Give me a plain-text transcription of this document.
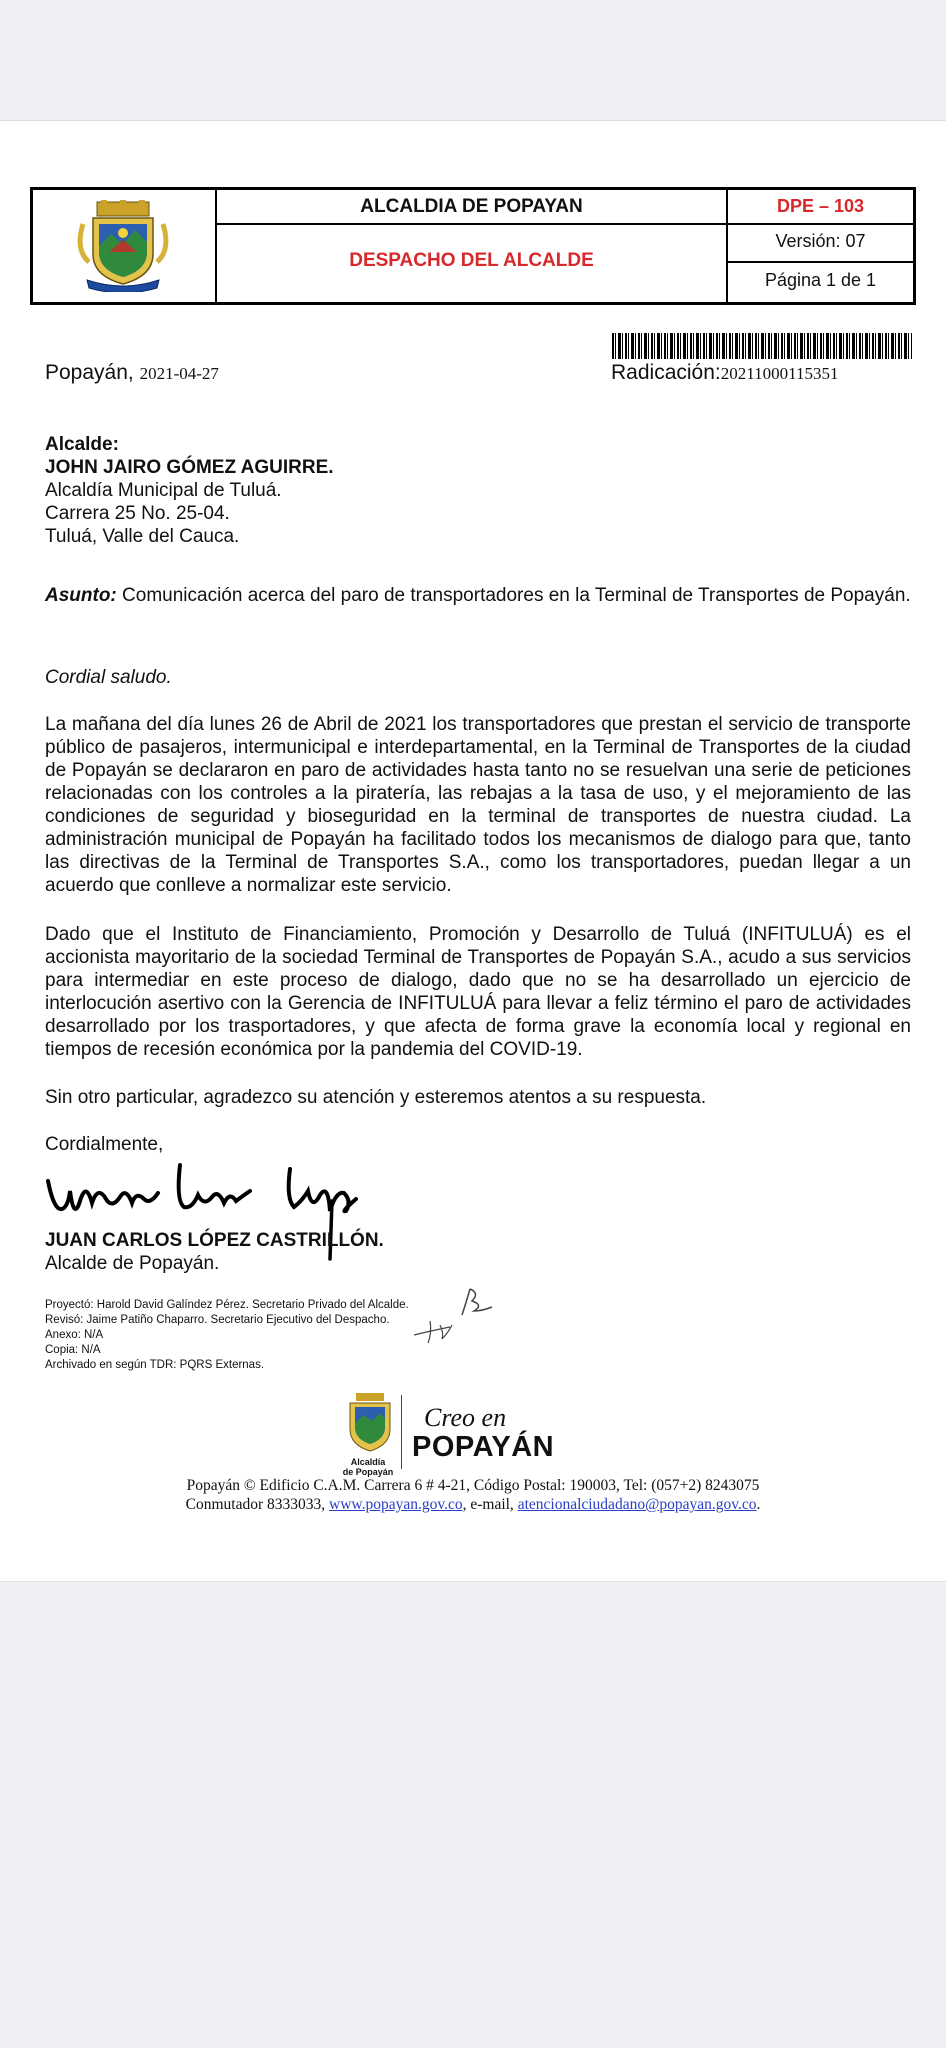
ALCALDIA DE POPAYAN
DESPACHO DEL ALCALDE
DPE – 103
Versión: 07
Página 1 de 1
Popayán, 2021-04-27	Radicación:20211000115351
Alcalde:
JOHN JAIRO GÓMEZ AGUIRRE.
Alcaldía Municipal de Tuluá.
Carrera 25 No. 25-04.
Tuluá, Valle del Cauca.
Asunto: Comunicación acerca del paro de transportadores en la Terminal de Transportes de Popayán.
Cordial saludo.
La mañana del día lunes 26 de Abril de 2021 los transportadores que prestan el servicio de transporte público de pasajeros, intermunicipal e interdepartamental, en la Terminal de Transportes de la ciudad de Popayán se declararon en paro de actividades hasta tanto no se resuelvan una serie de peticiones relacionadas con los controles a la piratería, las rebajas a la tasa de uso, y el mejoramiento de las condiciones de seguridad y bioseguridad en la terminal de transportes de nuestra ciudad. La administración municipal de Popayán ha facilitado todos los mecanismos de dialogo para que, tanto las directivas de la Terminal de Transportes S.A., como los transportadores, puedan llegar a un acuerdo que conlleve a normalizar este servicio.
Dado que el Instituto de Financiamiento, Promoción y Desarrollo de Tuluá (INFITULUÁ) es el accionista mayoritario de la sociedad Terminal de Transportes de Popayán S.A., acudo a sus servicios para intermediar en este proceso de dialogo, dado que no se ha desarrollado un ejercicio de interlocución asertivo con la Gerencia de INFITULUÁ para llevar a feliz término el paro de actividades desarrollado por los trasportadores, y que afecta de forma grave la economía local y regional en tiempos de recesión económica por la pandemia del COVID-19.
Sin otro particular, agradezco su atención y esteremos atentos a su respuesta.
Cordialmente,
JUAN CARLOS LÓPEZ CASTRILLÓN.
Alcalde de Popayán.
Proyectó: Harold David Galíndez Pérez. Secretario Privado del Alcalde.
Revisó: Jaime Patiño Chaparro. Secretario Ejecutivo del Despacho.
Anexo: N/A
Copia: N/A
Archivado en según TDR: PQRS Externas.
Alcaldía
de Popayán
Creo en
POPAYÁN
Popayán © Edificio C.A.M. Carrera 6 # 4-21, Código Postal: 190003, Tel: (057+2) 8243075
Conmutador 8333033, www.popayan.gov.co, e-mail, atencionalciudadano@popayan.gov.co.
